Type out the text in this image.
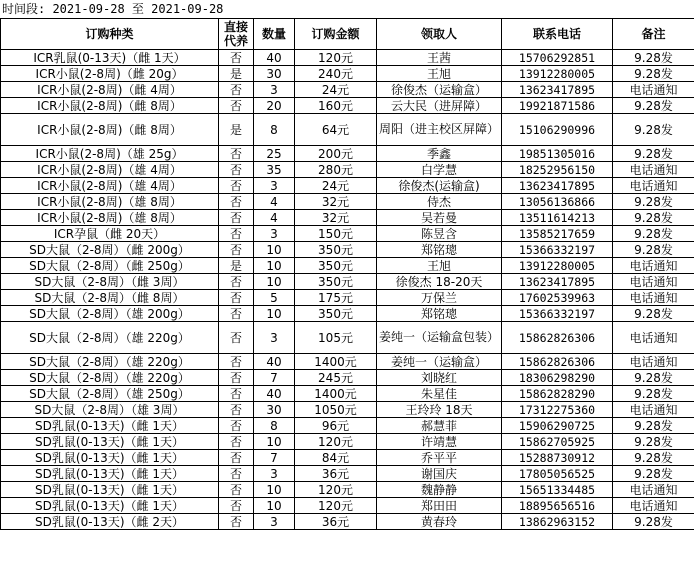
时间段: 2021-09-28 至 2021-09-28
订购种类	直接代养	数量	订购金额	领取人	联系电话	备注
ICR乳鼠(0-13天)（雌 1天）	否	40	120元	王茜	15706292851	9.28发
ICR小鼠(2-8周)（雌 20g）	是	30	240元	王旭	13912280005	9.28发
ICR小鼠(2-8周)（雌 4周）	否	3	24元	徐俊杰（运输盒）	13623417895	电话通知
ICR小鼠(2-8周)（雌 8周）	否	20	160元	云大民（进屏障）	19921871586	9.28发
ICR小鼠(2-8周)（雌 8周）	是	8	64元	周阳（进主校区屏障）	15106290996	9.28发
ICR小鼠(2-8周)（雄 25g）	否	25	200元	季鑫	19851305016	9.28发
ICR小鼠(2-8周)（雄 4周）	否	35	280元	白学慧	18252956150	电话通知
ICR小鼠(2-8周)（雄 4周）	否	3	24元	徐俊杰(运输盒)	13623417895	电话通知
ICR小鼠(2-8周)（雄 8周）	否	4	32元	侍杰	13056136866	9.28发
ICR小鼠(2-8周)（雄 8周）	否	4	32元	吴若曼	13511614213	9.28发
ICR孕鼠（雌 20天）	否	3	150元	陈昱含	13585217659	9.28发
SD大鼠（2-8周）（雌 200g）	否	10	350元	郑铭璁	15366332197	9.28发
SD大鼠（2-8周）（雌 250g）	是	10	350元	王旭	13912280005	电话通知
SD大鼠（2-8周）（雌 3周）	否	10	350元	徐俊杰 18-20天	13623417895	电话通知
SD大鼠（2-8周）（雌 8周）	否	5	175元	万保兰	17602539963	电话通知
SD大鼠（2-8周）（雄 200g）	否	10	350元	郑铭璁	15366332197	9.28发
SD大鼠（2-8周）（雄 220g）	否	3	105元	姜纯一（运输盒包装）	15862826306	电话通知
SD大鼠（2-8周）（雄 220g）	否	40	1400元	姜纯一（运输盒）	15862826306	电话通知
SD大鼠（2-8周）（雄 220g）	否	7	245元	刘晓红	18306298290	9.28发
SD大鼠（2-8周）（雄 250g）	否	40	1400元	朱星佳	15862828290	9.28发
SD大鼠（2-8周）（雄 3周）	否	30	1050元	王玲玲 18天	17312275360	电话通知
SD乳鼠(0-13天)（雌 1天）	否	8	96元	郝慧菲	15906290725	9.28发
SD乳鼠(0-13天)（雌 1天）	否	10	120元	许靖慧	15862705925	9.28发
SD乳鼠(0-13天)（雌 1天）	否	7	84元	乔平平	15288730912	9.28发
SD乳鼠(0-13天)（雌 1天）	否	3	36元	谢国庆	17805056525	9.28发
SD乳鼠(0-13天)（雌 1天）	否	10	120元	魏静静	15651334485	电话通知
SD乳鼠(0-13天)（雌 1天）	否	10	120元	郑田田	18895656516	电话通知
SD乳鼠(0-13天)（雌 2天）	否	3	36元	黄春玲	13862963152	9.28发
